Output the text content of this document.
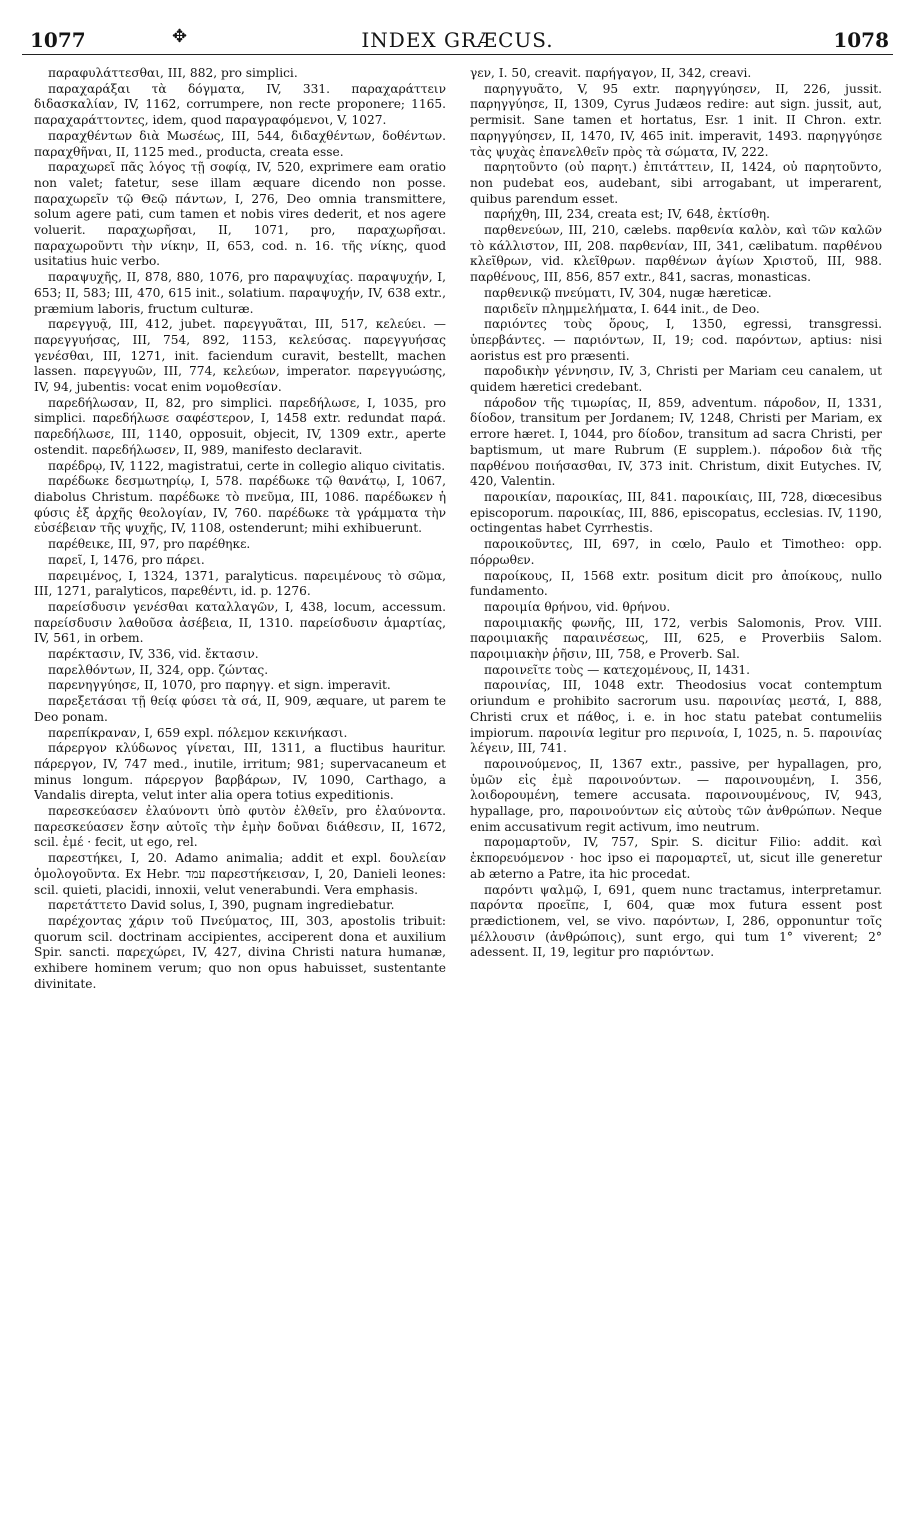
1077	✥	INDEX GRÆCUS.	1078

παραφυλάττεσθαι, III, 882, pro simplici.

παραχαράξαι τὰ δόγματα, IV, 331. παραχαράττειν διδασκαλίαν, IV, 1162, corrumpere, non recte proponere; 1165. παραχαράττοντες, idem, quod παραγραφόμενοι, V, 1027.

παραχθέντων διὰ Μωσέως, III, 544, διδαχθέντων, δοθέντων. παραχθῆναι, II, 1125 med., producta, creata esse.

παραχωρεῖ πᾶς λόγος τῇ σοφίᾳ, IV, 520, exprimere eam oratio non valet; fatetur, sese illam æquare dicendo non posse. παραχωρεῖν τῷ Θεῷ πάντων, I, 276, Deo omnia transmittere, solum agere pati, cum tamen et nobis vires dederit, et nos agere voluerit. παραχωρῆσαι, II, 1071, pro, παραχωρῆσαι. παραχωροῦντι τὴν νίκην, II, 653, cod. n. 16. τῆς νίκης, quod usitatius huic verbo.

παραψυχῆς, II, 878, 880, 1076, pro παραψυχίας. παραψυχήν, I, 653; II, 583; III, 470, 615 init., solatium. παραψυχήν, IV, 638 extr., præmium laboris, fructum culturæ.

παρεγγυᾷ, III, 412, jubet. παρεγγυᾶται, III, 517, κελεύει. — παρεγγυήσας, III, 754, 892, 1153, κελεύσας. παρεγγυήσας γενέσθαι, III, 1271, init. faciendum curavit, bestellt, machen lassen. παρεγγυῶν, III, 774, κελεύων, imperator. παρεγγυώσης, IV, 94, jubentis: vocat enim νομοθεσίαν.

παρεδήλωσαν, II, 82, pro simplici. παρεδήλωσε, I, 1035, pro simplici. παρεδήλωσε σαφέστερον, I, 1458 extr. redundat παρά. παρεδήλωσε, III, 1140, opposuit, objecit, IV, 1309 extr., aperte ostendit. παρεδήλωσεν, II, 989, manifesto declaravit.

παρέδρῳ, IV, 1122, magistratui, certe in collegio aliquo civitatis.

παρέδωκε δεσμωτηρίῳ, I, 578. παρέδωκε τῷ θανάτῳ, I, 1067, diabolus Christum. παρέδωκε τὸ πνεῦμα, III, 1086. παρέδωκεν ἡ φύσις ἐξ ἀρχῆς θεολογίαν, IV, 760. παρέδωκε τὰ γράμματα τὴν εὐσέβειαν τῆς ψυχῆς, IV, 1108, ostenderunt; mihi exhibuerunt.

παρέθεικε, III, 97, pro παρέθηκε.

παρεῖ, I, 1476, pro πάρει.

παρειμένος, I, 1324, 1371, paralyticus. παρειμένους τὸ σῶμα, III, 1271, paralyticos, παρεθέντι, id. p. 1276.

παρείσδυσιν γενέσθαι καταλλαγῶν, I, 438, locum, accessum. παρείσδυσιν λαθοῦσα ἀσέβεια, II, 1310. παρείσδυσιν ἁμαρτίας, IV, 561, in orbem.

παρέκτασιν, IV, 336, vid. ἔκτασιν.

παρελθόντων, II, 324, opp. ζώντας.

παρενηγγύησε, II, 1070, pro παρηγγ. et sign. imperavit.

παρεξετάσαι τῇ θείᾳ φύσει τὰ σά, II, 909, æquare, ut parem te Deo ponam.

παρεπίκραναν, I, 659 expl. πόλεμον κεκινήκασι.

πάρεργον κλύδωνος γίνεται, III, 1311, a fluctibus hauritur. πάρεργον, IV, 747 med., inutile, irritum; 981; supervacaneum et minus longum. πάρεργον βαρβάρων, IV, 1090, Carthago, a Vandalis direpta, velut inter alia opera totius expeditionis.

παρεσκεύασεν ἐλαύνοντι ὑπὸ φυτὸν ἐλθεῖν, pro ἐλαύνοντα. παρεσκεύασεν ἔσην αὐτοῖς τὴν ἐμὴν δοῦναι διάθεσιν, II, 1672, scil. ἐμέ · fecit, ut ego, rel.

παρεστήκει, I, 20. Adamo animalia; addit et expl. δουλείαν ὁμολογοῦντα. Ex Hebr. עמד παρεστήκεισαν, I, 20, Danieli leones: scil. quieti, placidi, innoxii, velut venerabundi. Vera emphasis.

παρετάττετο David solus, I, 390, pugnam ingrediebatur.

παρέχοντας χάριν τοῦ Πνεύματος, III, 303, apostolis tribuit: quorum scil. doctrinam accipientes, acciperent dona et auxilium Spir. sancti. παρεχώρει, IV, 427, divina Christi natura humanæ, exhibere hominem verum; quo non opus habuisset, sustentante divinitate.

γεν, I. 50, creavit. παρήγαγον, II, 342, creavi.

παρηγγυᾶτο, V, 95 extr. παρηγγύησεν, II, 226, jussit. παρηγγύησε, II, 1309, Cyrus Judæos redire: aut sign. jussit, aut, permisit. Sane tamen et hortatus, Esr. 1 init. II Chron. extr. παρηγγύησεν, II, 1470, IV, 465 init. imperavit, 1493. παρηγγύησε τὰς ψυχὰς ἐπανελθεῖν πρὸς τὰ σώματα, IV, 222.

παρητοῦντο (οὐ παρητ.) ἐπιτάττειν, II, 1424, οὐ παρητοῦντο, non pudebat eos, audebant, sibi arrogabant, ut imperarent, quibus parendum esset.

παρήχθη, III, 234, creata est; IV, 648, ἐκτίσθη.

παρθενεύων, III, 210, cælebs. παρθενία καλὸν, καὶ τῶν καλῶν τὸ κάλλιστον, III, 208. παρθενίαν, III, 341, cælibatum. παρθένου κλεῖθρων, vid. κλεῖθρων. παρθένων ἁγίων Χριστοῦ, III, 988. παρθένους, III, 856, 857 extr., 841, sacras, monasticas.

παρθενικῷ πνεύματι, IV, 304, nugæ hæreticæ.

παριδεῖν πλημμελήματα, I. 644 init., de Deo.

παριόντες τοὺς ὅρους, I, 1350, egressi, transgressi. ὑπερβάντες. — παριόντων, II, 19; cod. παρόντων, aptius: nisi aoristus est pro præsenti.

παροδικὴν γέννησιν, IV, 3, Christi per Mariam ceu canalem, ut quidem hæretici credebant.

πάροδον τῆς τιμωρίας, II, 859, adventum. πάροδον, II, 1331, δίοδον, transitum per Jordanem; IV, 1248, Christi per Mariam, ex errore hæret. I, 1044, pro δίοδον, transitum ad sacra Christi, per baptismum, ut mare Rubrum (E supplem.). πάροδον διὰ τῆς παρθένου ποιήσασθαι, IV, 373 init. Christum, dixit Eutyches. IV, 420, Valentin.

παροικίαν, παροικίας, III, 841. παροικίαις, III, 728, diœcesibus episcoporum. παροικίας, III, 886, episcopatus, ecclesias. IV, 1190, octingentas habet Cyrrhestis.

παροικοῦντες, III, 697, in cœlo, Paulo et Timotheo: opp. πόρρωθεν.

παροίκους, II, 1568 extr. positum dicit pro ἀποίκους, nullo fundamento.

παροιμία θρήνου, vid. θρήνου.

παροιμιακῆς φωνῆς, III, 172, verbis Salomonis, Prov. VIII. παροιμιακῆς παραινέσεως, III, 625, e Proverbiis Salom. παροιμιακὴν ῥῆσιν, III, 758, e Proverb. Sal.

παροινεῖτε τοὺς — κατεχομένους, II, 1431.

παροινίας, III, 1048 extr. Theodosius vocat contemptum oriundum e prohibito sacrorum usu. παροινίας μεστά, I, 888, Christi crux et πάθος, i. e. in hoc statu patebat contumeliis impiorum. παροινία legitur pro περινοία, I, 1025, n. 5. παροινίας λέγειν, III, 741.

παροινούμενος, II, 1367 extr., passive, per hypallagen, pro, ὑμῶν εἰς ἐμὲ παροινούντων. — παροινουμένη, I. 356, λοιδορουμένη, temere accusata. παροινουμένους, IV, 943, hypallage, pro, παροινούντων εἰς αὐτοὺς τῶν ἀνθρώπων. Neque enim accusativum regit activum, imo neutrum.

παρομαρτοῦν, IV, 757, Spir. S. dicitur Filio: addit. καὶ ἐκπορευόμενον · hoc ipso ei παρομαρτεῖ, ut, sicut ille generetur ab æterno a Patre, ita hic procedat.

παρόντι ψαλμῷ, I, 691, quem nunc tractamus, interpretamur. παρόντα προεῖπε, I, 604, quæ mox futura essent post prædictionem, vel, se vivo. παρόντων, I, 286, opponuntur τοῖς μέλλουσιν (ἀνθρώποις), sunt ergo, qui tum 1° viverent; 2° adessent. II, 19, legitur pro παριόντων.
